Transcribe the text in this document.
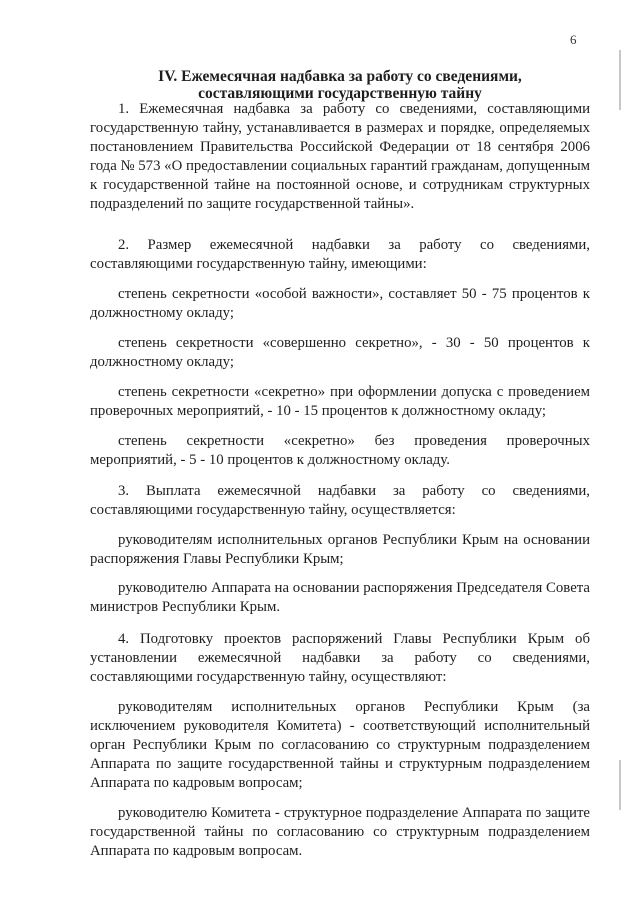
6
IV. Ежемесячная надбавка за работу со сведениями,
составляющими государственную тайну
1. Ежемесячная надбавка за работу со сведениями, составляющими государственную тайну, устанавливается в размерах и порядке, определяемых постановлением Правительства Российской Федерации от 18 сентября 2006 года № 573 «О предоставлении социальных гарантий гражданам, допущенным к государственной тайне на постоянной основе, и сотрудникам структурных подразделений по защите государственной тайны».
2. Размер ежемесячной надбавки за работу со сведениями, составляющими государственную тайну, имеющими:
степень секретности «особой важности», составляет 50 - 75 процентов к должностному окладу;
степень секретности «совершенно секретно», - 30 - 50 процентов к должностному окладу;
степень секретности «секретно» при оформлении допуска с проведением проверочных мероприятий, - 10 - 15 процентов к должностному окладу;
степень секретности «секретно» без проведения проверочных мероприятий, - 5 - 10 процентов к должностному окладу.
3. Выплата ежемесячной надбавки за работу со сведениями, составляющими государственную тайну, осуществляется:
руководителям исполнительных органов Республики Крым на основании распоряжения Главы Республики Крым;
руководителю Аппарата на основании распоряжения Председателя Совета министров Республики Крым.
4. Подготовку проектов распоряжений Главы Республики Крым об установлении ежемесячной надбавки за работу со сведениями, составляющими государственную тайну, осуществляют:
руководителям исполнительных органов Республики Крым (за исключением руководителя Комитета) - соответствующий исполнительный орган Республики Крым по согласованию со структурным подразделением Аппарата по защите государственной тайны и структурным подразделением Аппарата по кадровым вопросам;
руководителю Комитета - структурное подразделение Аппарата по защите государственной тайны по согласованию со структурным подразделением Аппарата по кадровым вопросам.
